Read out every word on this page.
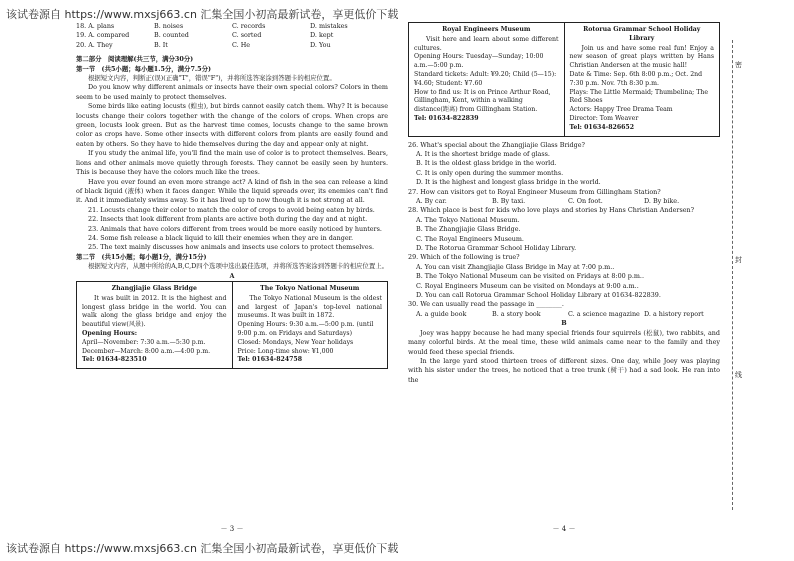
该试卷源自 https://www.mxsj663.cn 汇集全国小初高最新试卷，享更低价下载
18. A. plans	B. noises	C. records	D. mistakes
19. A. compared	B. counted	C. sorted	D. kept
20. A. They	B. It	C. He	D. You
第二部分　阅读理解(共三节，满分30分)
第一节　(共5小题；每小题1.5分，满分7.5分)
根据短文内容，判断正(误)(正确"T"，错误"F")，并将所选答案涂到答题卡的相应位置。
Do you know why different animals or insects have their own special colors? Colors in them seem to be used mainly to protect themselves.
Some birds like eating locusts (蝗虫), but birds cannot easily catch them. Why? It is because locusts change their colors together with the change of the colors of crops. When crops are green, locusts look green. But as the harvest time comes, locusts change to the same brown color as crops have. Some other insects with different colors from plants are easily found and eaten by others. So they have to hide themselves during the day and appear only at night.
If you study the animal life, you'll find the main use of color is to protect themselves. Bears, lions and other animals move quietly through forests. They cannot be easily seen by hunters. This is because they have the colors much like the trees.
Have you ever found an even more strange act? A kind of fish in the sea can release a kind of black liquid (液体) when it faces danger. While the liquid spreads over, its enemies can't find it. And it immediately swims away. So it has lived up to now though it is not strong at all.
21. Locusts change their color to match the color of crops to avoid being eaten by birds.
22. Insects that look different from plants are active both during the day and at night.
23. Animals that have colors different from trees would be more easily noticed by hunters.
24. Some fish release a black liquid to kill their enemies when they are in danger.
25. The text mainly discusses how animals and insects use colors to protect themselves.
第二节　(共15小题；每小题1分，满分15分)
根据短文内容，从题中所给的A,B,C,D四个选项中选出最佳选项，并将所选答案涂到答题卡的相应位置上。
A
Zhangjiajie Glass Bridge
It was built in 2012. It is the highest and longest glass bridge in the world. You can walk along the glass bridge and enjoy the beautiful view(风景).
Opening Hours:
April—November: 7:30 a.m.—5:30 p.m.
December—March: 8:00 a.m.—4:00 p.m.
Tel: 01634-823510
The Tokyo National Museum
The Tokyo National Museum is the oldest and largest of Japan's top-level national museums. It was built in 1872.
Opening Hours: 9:30 a.m.—5:00 p.m. (until 9:00 p.m. on Fridays and Saturdays)
Closed: Mondays, New Year holidays
Price: Long-time show: ¥1,000
Tel: 01634-824758
－ 3 －
Royal Engineers Museum
Visit here and learn about some different cultures.
Opening Hours: Tuesday—Sunday; 10:00 a.m.—5:00 p.m.
Standard tickets: Adult: ¥9.20; Child (5—15): ¥4.60; Student: ¥7.60
How to find us: It is on Prince Arthur Road, Gillingham, Kent, within a walking distance(距离) from Gillingham Station.
Tel: 01634-822839
Rotorua Grammar School Holiday Library
Join us and have some real fun! Enjoy a new season of great plays written by Hans Christian Andersen at the music hall!
Date & Time: Sep. 6th 8:00 p.m.; Oct. 2nd 7:30 p.m. Nov. 7th 8:30 p.m.
Plays: The Little Mermaid; Thumbelina; The Red Shoes
Actors: Happy Tree Drama Team
Director: Tom Weaver
Tel: 01634-826652
26. What's special about the Zhangjiajie Glass Bridge?
A. It is the shortest bridge made of glass.
B. It is the oldest glass bridge in the world.
C. It is only open during the summer months.
D. It is the highest and longest glass bridge in the world.
27. How can visitors get to Royal Engineer Museum from Gillingham Station?
A. By car.	B. By taxi.	C. On foot.	D. By bike.
28. Which place is best for kids who love plays and stories by Hans Christian Andersen?
A. The Tokyo National Museum.
B. The Zhangjiajie Glass Bridge.
C. The Royal Engineers Museum.
D. The Rotorua Grammar School Holiday Library.
29. Which of the following is true?
A. You can visit Zhangjiajie Glass Bridge in May at 7:00 p.m..
B. The Tokyo National Museum can be visited on Fridays at 8:00 p.m..
C. Royal Engineers Museum can be visited on Mondays at 9:00 a.m..
D. You can call Rotorua Grammar School Holiday Library at 01634-822839.
30. We can usually read the passage in ________.
A. a guide book	B. a story book	C. a science magazine D. a history report
B
Joey was happy because he had many special friends four squirrels (松鼠), two rabbits, and many colorful birds. At the meal time, these wild animals came near to the family and they would feed these special friends.
In the large yard stood thirteen trees of different sizes. One day, while Joey was playing with his sister under the trees, he noticed that a tree trunk (树干) had a sad look. He ran into the
－ 4 －
密
封
线
该试卷源自 https://www.mxsj663.cn 汇集全国小初高最新试卷，享更低价下载
